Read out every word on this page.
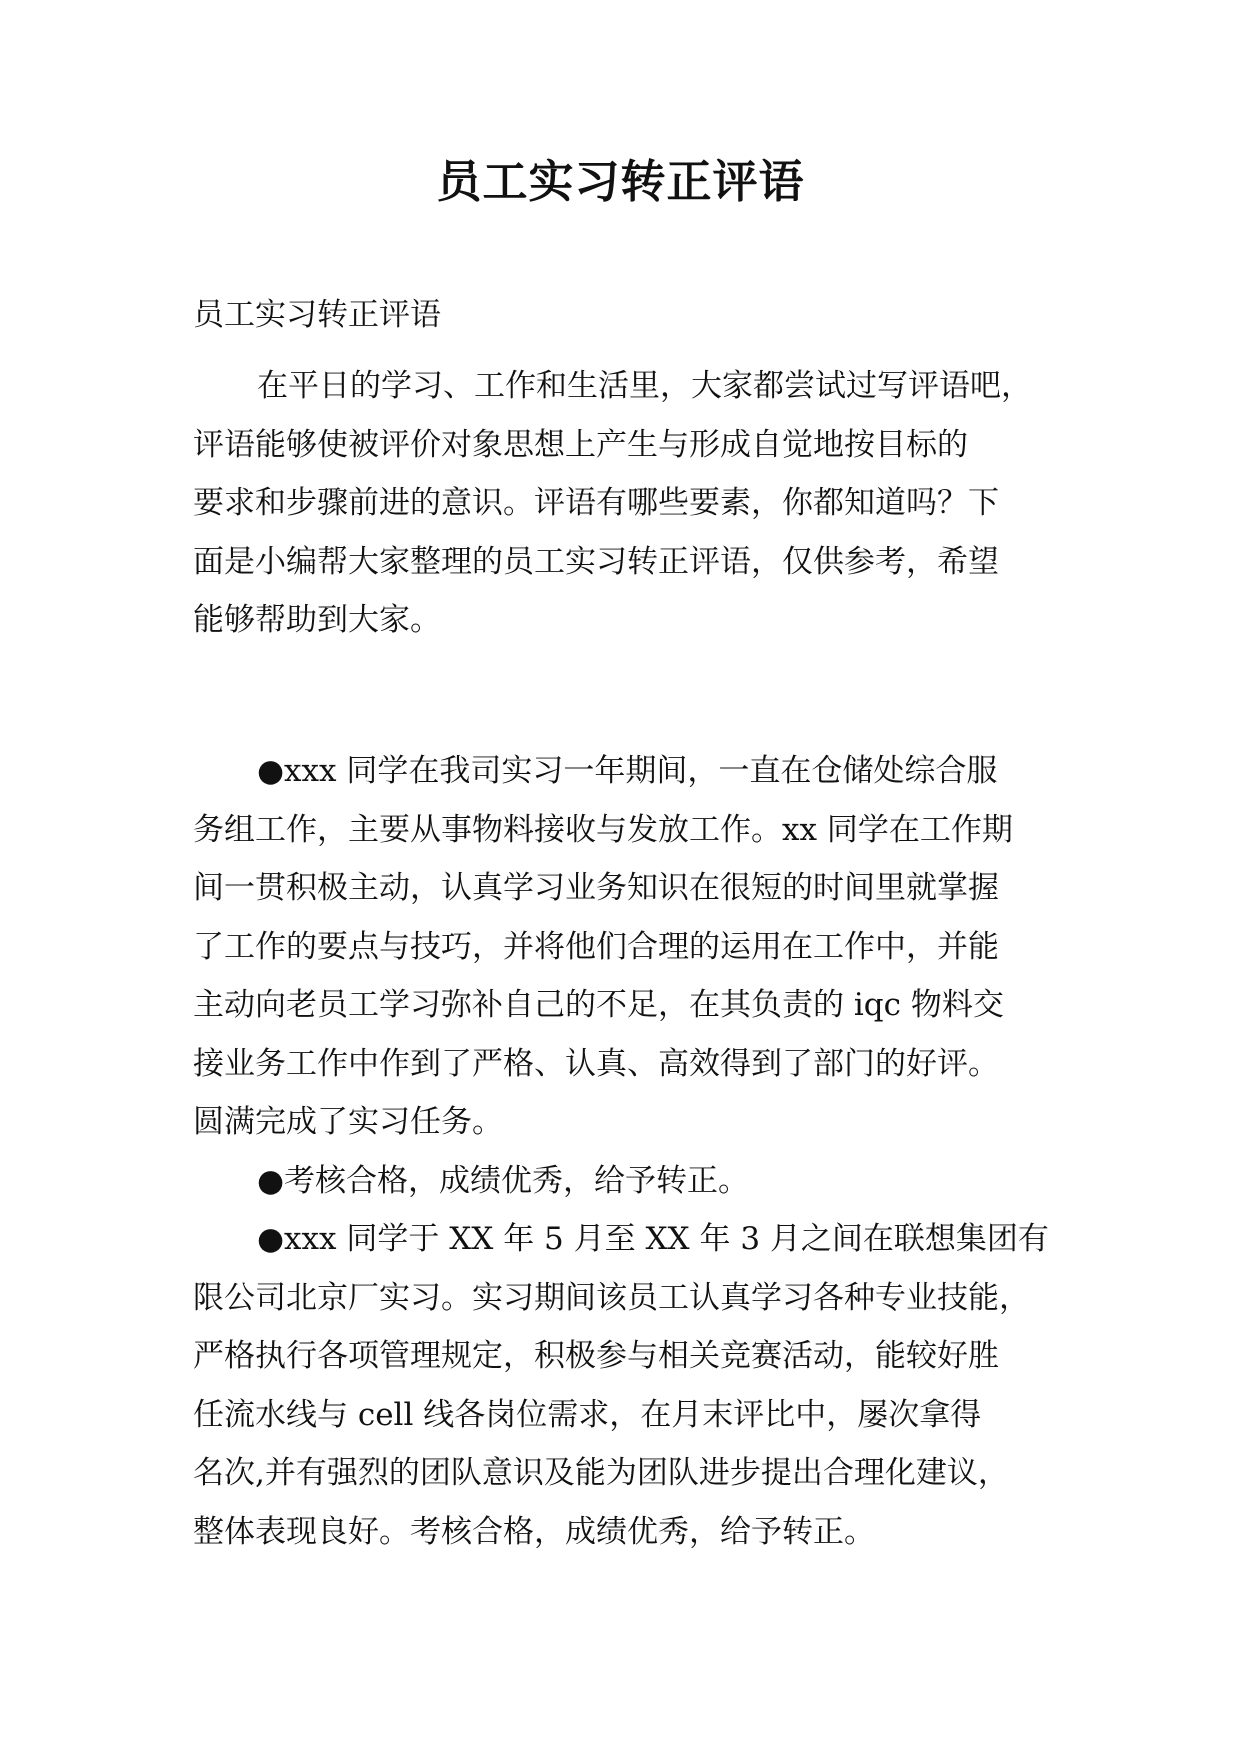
员工实习转正评语

员工实习转正评语

在平日的学习、工作和生活里，大家都尝试过写评语吧，
评语能够使被评价对象思想上产生与形成自觉地按目标的
要求和步骤前进的意识。评语有哪些要素，你都知道吗？下
面是小编帮大家整理的员工实习转正评语，仅供参考，希望
能够帮助到大家。
●xxx 同学在我司实习一年期间，一直在仓储处综合服
务组工作，主要从事物料接收与发放工作。xx 同学在工作期
间一贯积极主动，认真学习业务知识在很短的时间里就掌握
了工作的要点与技巧，并将他们合理的运用在工作中，并能
主动向老员工学习弥补自己的不足，在其负责的 iqc 物料交
接业务工作中作到了严格、认真、高效得到了部门的好评。
圆满完成了实习任务。
●考核合格，成绩优秀，给予转正。
●xxx 同学于 XX 年 5 月至 XX 年 3 月之间在联想集团有
限公司北京厂实习。实习期间该员工认真学习各种专业技能，
严格执行各项管理规定，积极参与相关竞赛活动，能较好胜
任流水线与 cell 线各岗位需求，在月末评比中，屡次拿得
名次,并有强烈的团队意识及能为团队进步提出合理化建议，
整体表现良好。考核合格，成绩优秀，给予转正。
